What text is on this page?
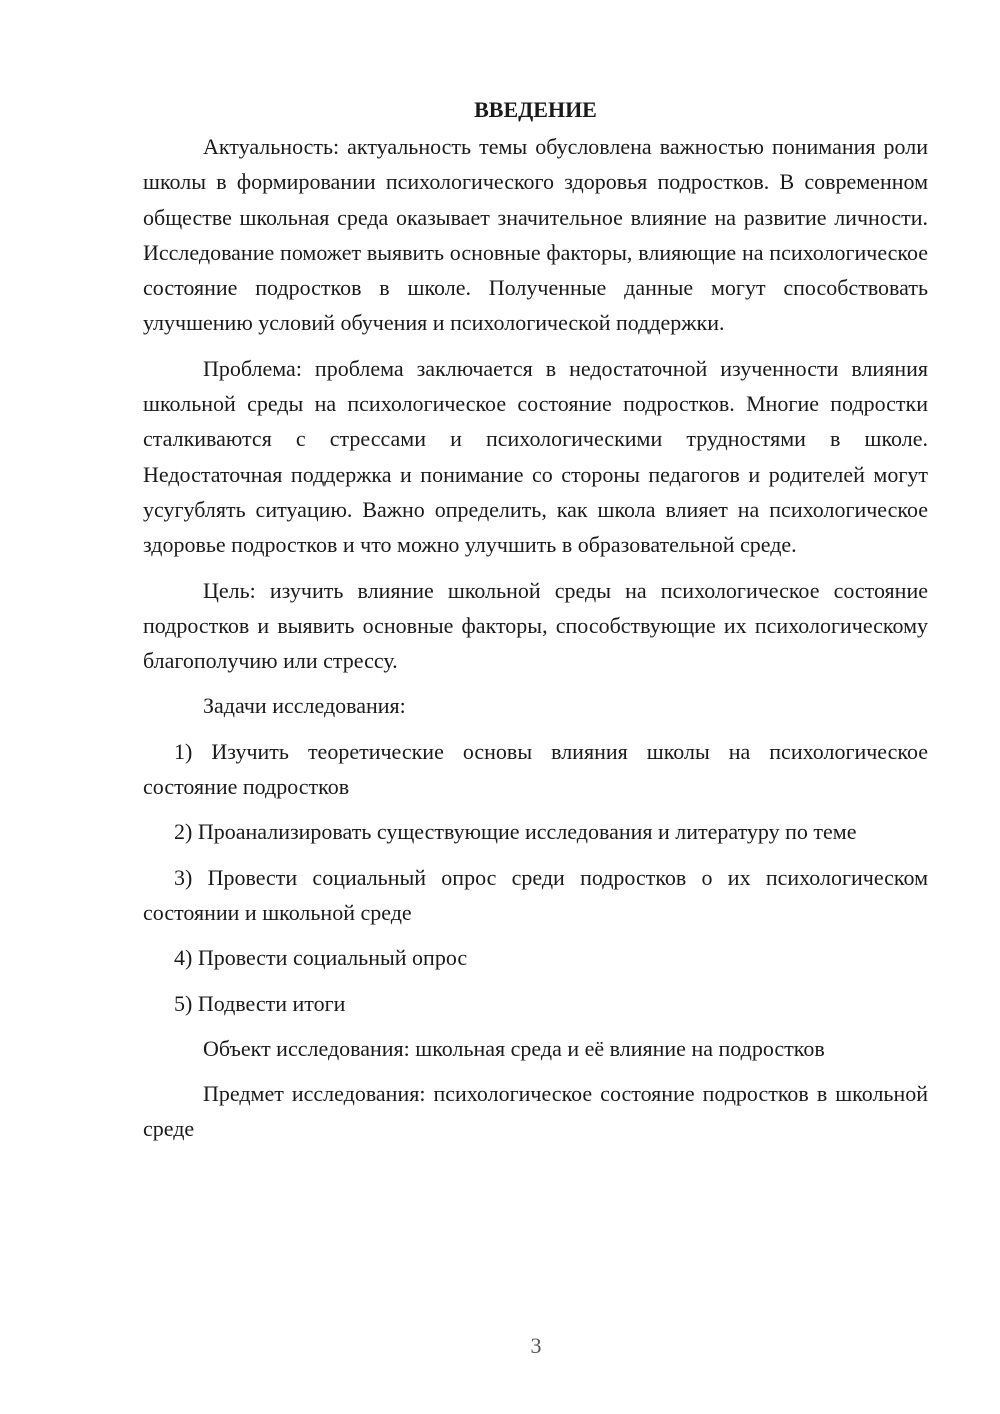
ВВЕДЕНИЕ

Актуальность: актуальность темы обусловлена важностью понимания роли школы в формировании психологического здоровья подростков. В современном обществе школьная среда оказывает значительное влияние на развитие личности. Исследование поможет выявить основные факторы, влияющие на психологическое состояние подростков в школе. Полученные данные могут способствовать улучшению условий обучения и психологической поддержки.

Проблема: проблема заключается в недостаточной изученности влияния школьной среды на психологическое состояние подростков. Многие подростки сталкиваются с стрессами и психологическими трудностями в школе. Недостаточная поддержка и понимание со стороны педагогов и родителей могут усугублять ситуацию. Важно определить, как школа влияет на психологическое здоровье подростков и что можно улучшить в образовательной среде.

Цель: изучить влияние школьной среды на психологическое состояние подростков и выявить основные факторы, способствующие их психологическому благополучию или стрессу.

Задачи исследования:

1) Изучить теоретические основы влияния школы на психологическое состояние подростков

2) Проанализировать существующие исследования и литературу по теме

3) Провести социальный опрос среди подростков о их психологическом состоянии и школьной среде

4) Провести социальный опрос

5) Подвести итоги

Объект исследования: школьная среда и её влияние на подростков

Предмет исследования: психологическое состояние подростков в школьной среде

3
